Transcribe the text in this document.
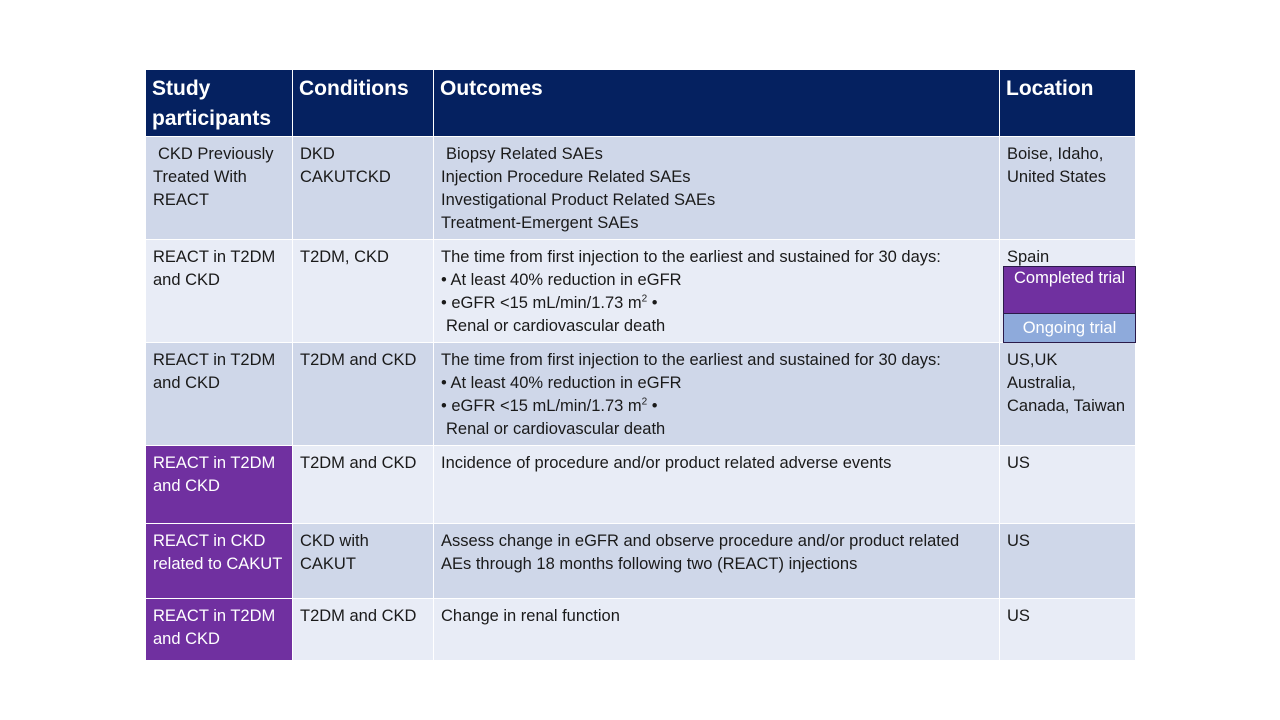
Study participants	Conditions	Outcomes	Location

CKD Previously
Treated With
REACT	DKD
CAKUTCKD	Biopsy Related SAEs
Injection Procedure Related SAEs
Investigational Product Related SAEs
Treatment-Emergent SAEs	Boise, Idaho,
United States

REACT in T2DM
and CKD	T2DM, CKD	The time from first injection to the earliest and sustained for 30 days:
• At least 40% reduction in eGFR
• eGFR <15 mL/min/1.73 $m^2$ •
Renal or cardiovascular death	Spain

REACT in T2DM
and CKD	T2DM and CKD	The time from first injection to the earliest and sustained for 30 days:
• At least 40% reduction in eGFR
• eGFR <15 mL/min/1.73 $m^2$ •
Renal or cardiovascular death	US,UK
Australia,
Canada, Taiwan

REACT in T2DM
and CKD	T2DM and CKD	Incidence of procedure and/or product related adverse events	US

REACT in CKD
related to CAKUT	CKD with
CAKUT	Assess change in eGFR and observe procedure and/or product related
AEs through 18 months following two (REACT) injections	US

REACT in T2DM
and CKD	T2DM and CKD	Change in renal function	US
Completed trial
Ongoing trial
